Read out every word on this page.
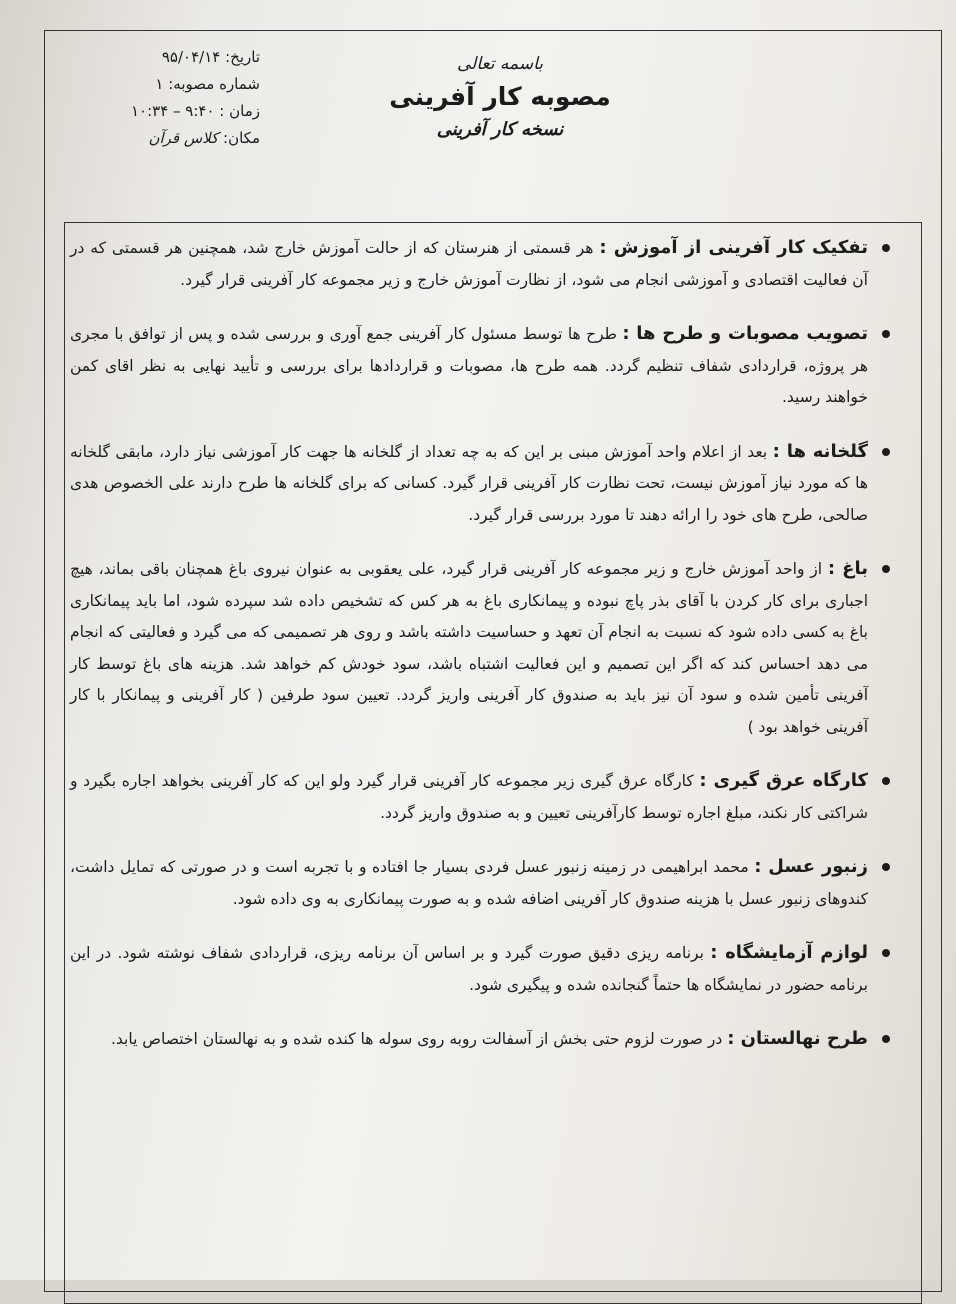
تاریخ: ۹۵/۰۴/۱۴
شماره مصوبه: ۱
زمان : ۹:۴۰ – ۱۰:۳۴
مکان: کلاس قرآن
باسمه تعالی
مصوبه کار آفرینی
نسخه کار آفرینی
تفکیک کار آفرینی از آموزش : هر قسمتی از هنرستان که از حالت آموزش خارج شد، همچنین هر قسمتی که در آن فعالیت اقتصادی و آموزشی انجام می شود، از نظارت آموزش خارج و زیر مجموعه کار آفرینی قرار گیرد.
تصویب مصوبات و طرح ها : طرح ها توسط مسئول کار آفرینی جمع آوری و بررسی شده و پس از توافق با مجری هر پروژه، قراردادی شفاف تنظیم گردد. همه طرح ها، مصوبات و قراردادها برای بررسی و تأیید نهایی به نظر اقای کمن خواهند رسید.
گلخانه ها : بعد از اعلام واحد آموزش مبنی بر این که به چه تعداد از گلخانه ها جهت کار آموزشی نیاز دارد، مابقی گلخانه ها که مورد نیاز آموزش نیست، تحت نظارت کار آفرینی قرار گیرد. کسانی که برای گلخانه ها طرح دارند علی الخصوص هدی صالحی، طرح های خود را ارائه دهند تا مورد بررسی قرار گیرد.
باغ : از واحد آموزش خارج و زیر مجموعه کار آفرینی قرار گیرد، علی یعقوبی به عنوان نیروی باغ همچنان باقی بماند، هیچ اجباری برای کار کردن با آقای بذر پاچ نبوده و پیمانکاری باغ به هر کس که تشخیص داده شد سپرده شود، اما باید پیمانکاری باغ به کسی داده شود که نسبت به انجام آن تعهد و حساسیت داشته باشد و روی هر تصمیمی که می گیرد و فعالیتی که انجام می دهد احساس کند که اگر این تصمیم و این فعالیت اشتباه باشد، سود خودش کم خواهد شد. هزینه های باغ توسط کار آفرینی تأمین شده و سود آن نیز باید به صندوق کار آفرینی واریز گردد. تعیین سود طرفین ( کار آفرینی و پیمانکار با کار آفرینی خواهد بود )
کارگاه عرق گیری : کارگاه عرق گیری زیر مجموعه کار آفرینی قرار گیرد ولو این که کار آفرینی بخواهد اجاره بگیرد و شراکتی کار نکند، مبلغ اجاره توسط کارآفرینی تعیین و به صندوق واریز گردد.
زنبور عسل : محمد ابراهیمی در زمینه زنبور عسل فردی بسیار جا افتاده و با تجربه است و در صورتی که تمایل داشت، کندوهای زنبور عسل با هزینه صندوق کار آفرینی اضافه شده و به صورت پیمانکاری به وی داده شود.
لوازم آزمایشگاه : برنامه ریزی دقیق صورت گیرد و بر اساس آن برنامه ریزی، قراردادی شفاف نوشته شود. در این برنامه حضور در نمایشگاه ها حتماً گنجانده شده و پیگیری شود.
طرح نهالستان : در صورت لزوم حتی بخش از آسفالت روبه روی سوله ها کنده شده و به نهالستان اختصاص یابد.
